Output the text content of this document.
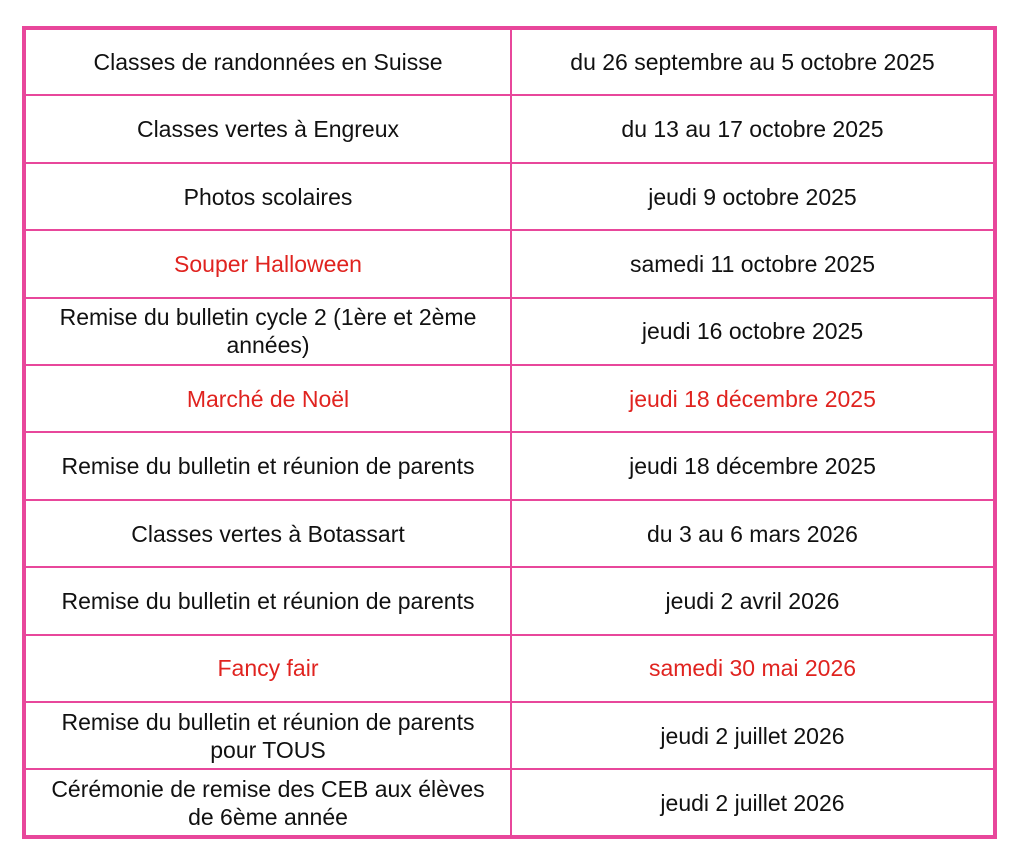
Classes de randonnées en Suisse	du 26 septembre au 5 octobre 2025
Classes vertes à Engreux	du 13 au 17 octobre 2025
Photos scolaires	jeudi 9 octobre 2025
Souper Halloween	samedi 11 octobre 2025
Remise du bulletin cycle 2 (1ère et 2ème années)	jeudi 16 octobre 2025
Marché de Noël	jeudi 18 décembre 2025
Remise du bulletin et réunion de parents	jeudi 18 décembre 2025
Classes vertes à Botassart	du 3 au 6 mars 2026
Remise du bulletin et réunion de parents	jeudi 2 avril 2026
Fancy fair	samedi 30 mai 2026
Remise du bulletin et réunion de parents pour TOUS	jeudi 2 juillet 2026
Cérémonie de remise des CEB aux élèves de 6ème année	jeudi 2 juillet 2026
